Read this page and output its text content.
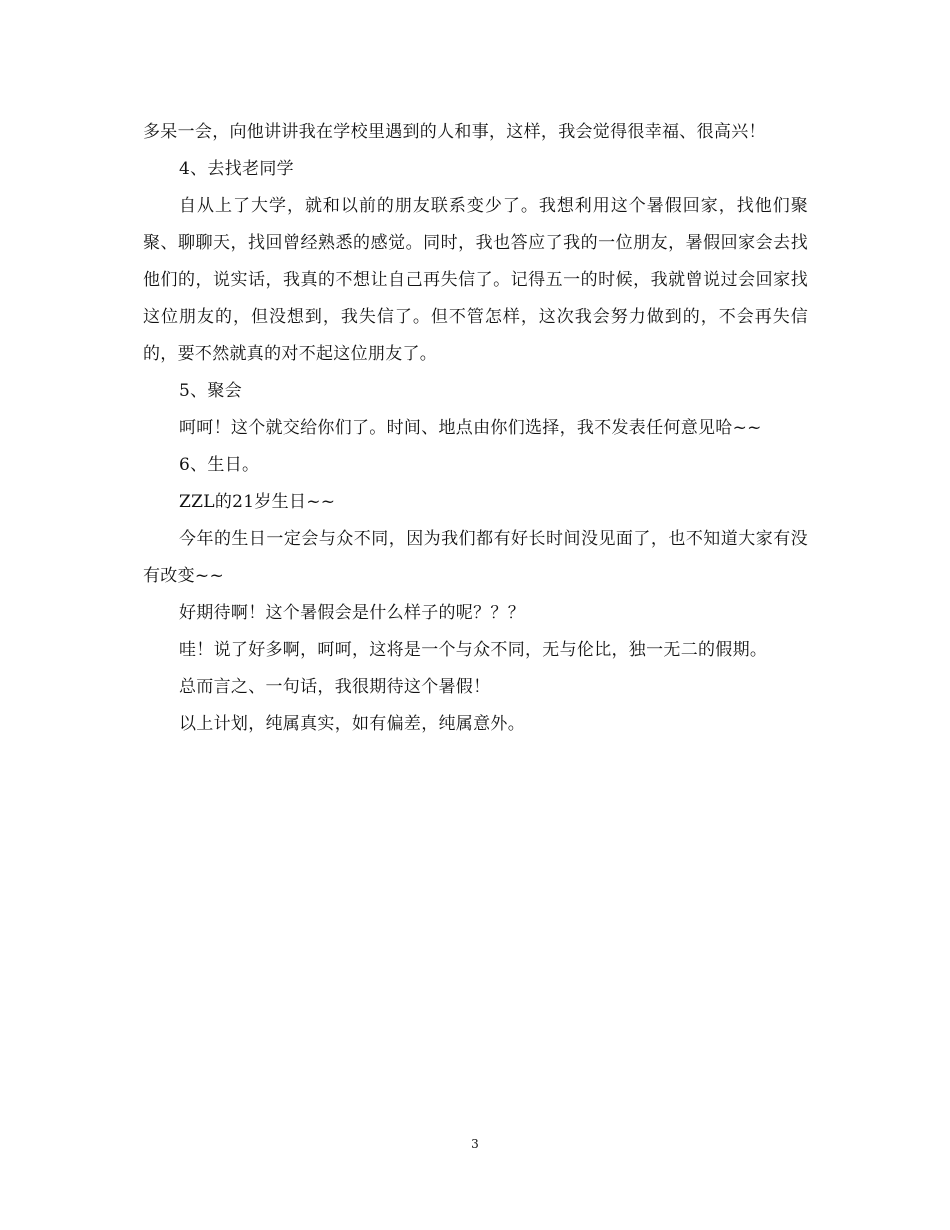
多呆一会，向他讲讲我在学校里遇到的人和事，这样，我会觉得很幸福、很高兴！

4、去找老同学

自从上了大学，就和以前的朋友联系变少了。我想利用这个暑假回家，找他们聚聚、聊聊天，找回曾经熟悉的感觉。同时，我也答应了我的一位朋友，暑假回家会去找他们的，说实话，我真的不想让自己再失信了。记得五一的时候，我就曾说过会回家找这位朋友的，但没想到，我失信了。但不管怎样，这次我会努力做到的，不会再失信的，要不然就真的对不起这位朋友了。

5、聚会

呵呵！这个就交给你们了。时间、地点由你们选择，我不发表任何意见哈~~

6、生日。

ZZL的21岁生日~~

今年的生日一定会与众不同，因为我们都有好长时间没见面了，也不知道大家有没有改变~~

好期待啊！这个暑假会是什么样子的呢？？？

哇！说了好多啊，呵呵，这将是一个与众不同，无与伦比，独一无二的假期。

总而言之、一句话，我很期待这个暑假！

以上计划，纯属真实，如有偏差，纯属意外。

3
